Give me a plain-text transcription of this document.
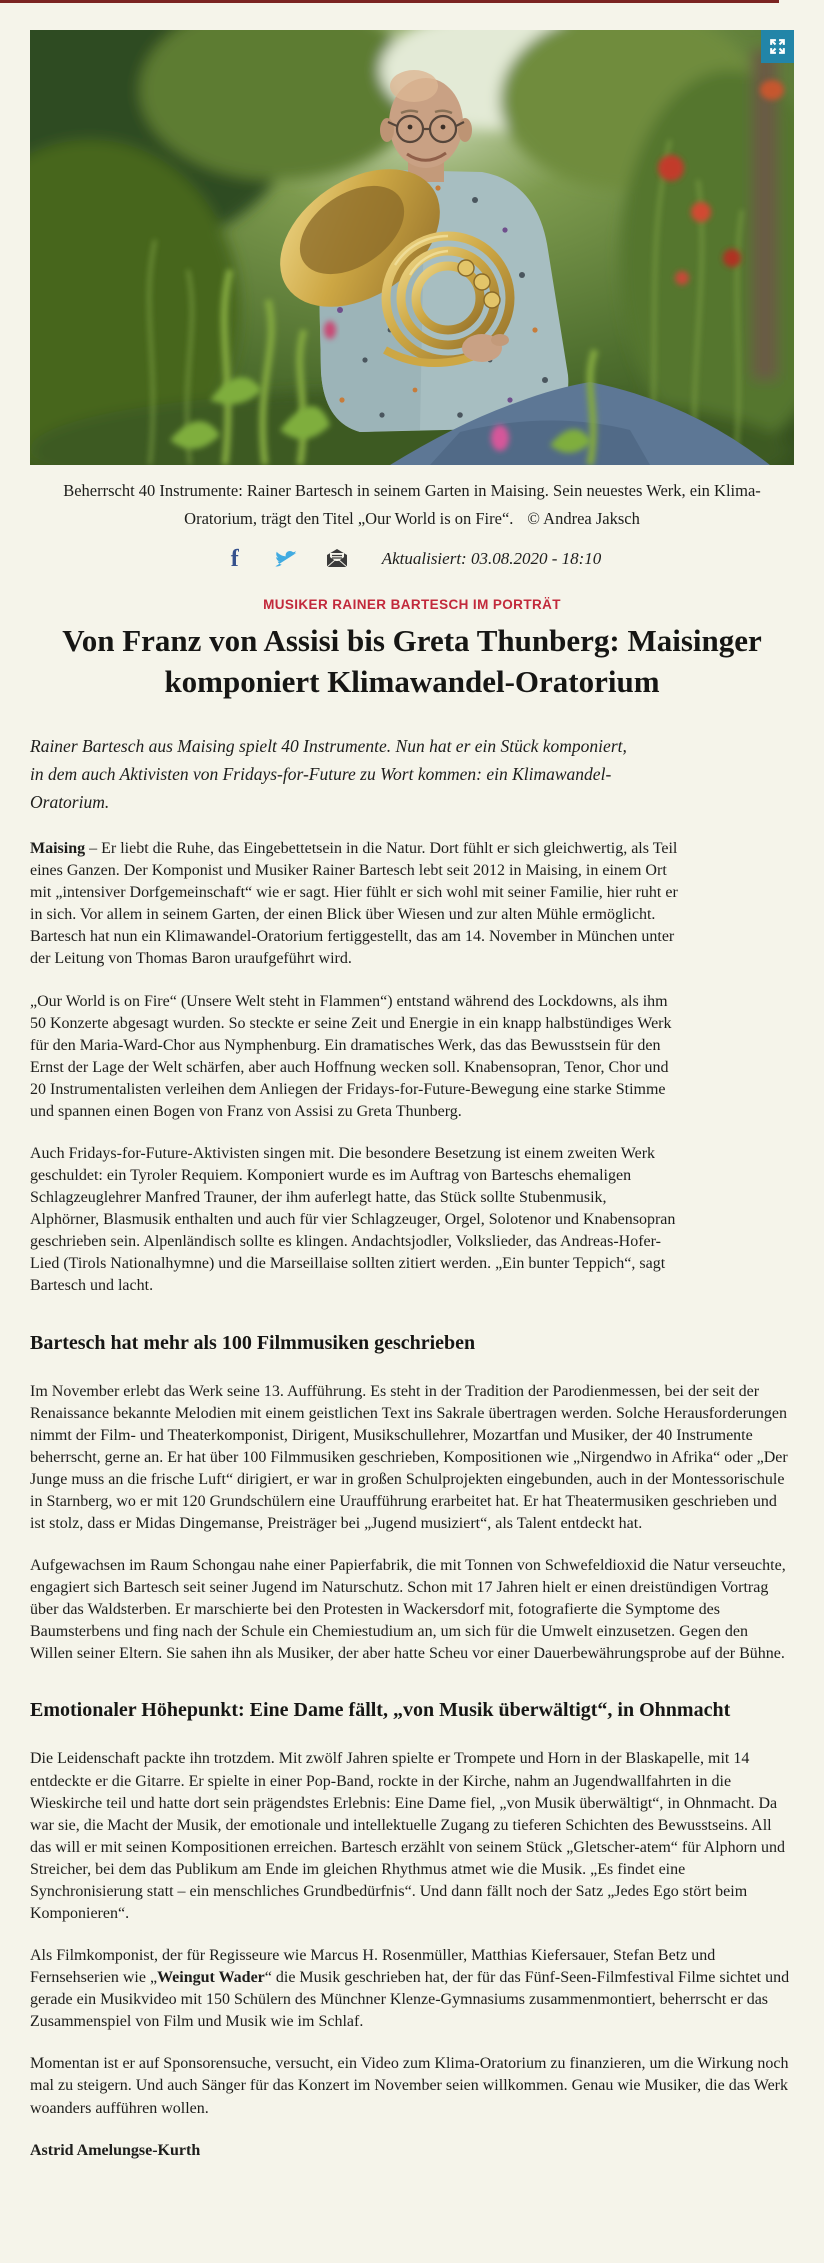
Beherrscht 40 Instrumente: Rainer Bartesch in seinem Garten in Maising. Sein neuestes Werk, ein Klima-Oratorium, trägt den Titel „Our World is on Fire“. © Andrea Jaksch
f	Aktualisiert: 03.08.2020 - 18:10
MUSIKER RAINER BARTESCH IM PORTRÄT
Von Franz von Assisi bis Greta Thunberg: Maisinger komponiert Klimawandel-Oratorium

Rainer Bartesch aus Maising spielt 40 Instrumente. Nun hat er ein Stück komponiert, in dem auch Aktivisten von Fridays-for-Future zu Wort kommen: ein Klimawandel-Oratorium.

Maising – Er liebt die Ruhe, das Eingebettetsein in die Natur. Dort fühlt er sich gleichwertig, als Teil eines Ganzen. Der Komponist und Musiker Rainer Bartesch lebt seit 2012 in Maising, in einem Ort mit „intensiver Dorfgemeinschaft“ wie er sagt. Hier fühlt er sich wohl mit seiner Familie, hier ruht er in sich. Vor allem in seinem Garten, der einen Blick über Wiesen und zur alten Mühle ermöglicht. Bartesch hat nun ein Klimawandel-Oratorium fertiggestellt, das am 14. November in München unter der Leitung von Thomas Baron uraufgeführt wird.

„Our World is on Fire“ (Unsere Welt steht in Flammen“) entstand während des Lockdowns, als ihm 50 Konzerte abgesagt wurden. So steckte er seine Zeit und Energie in ein knapp halbstündiges Werk für den Maria-Ward-Chor aus Nymphenburg. Ein dramatisches Werk, das das Bewusstsein für den Ernst der Lage der Welt schärfen, aber auch Hoffnung wecken soll. Knabensopran, Tenor, Chor und 20 Instrumentalisten verleihen dem Anliegen der Fridays-for-Future-Bewegung eine starke Stimme und spannen einen Bogen von Franz von Assisi zu Greta Thunberg.

Auch Fridays-for-Future-Aktivisten singen mit. Die besondere Besetzung ist einem zweiten Werk geschuldet: ein Tyroler Requiem. Komponiert wurde es im Auftrag von Barteschs ehemaligen Schlagzeuglehrer Manfred Trauner, der ihm auferlegt hatte, das Stück sollte Stubenmusik, Alphörner, Blasmusik enthalten und auch für vier Schlagzeuger, Orgel, Solotenor und Knabensopran geschrieben sein. Alpenländisch sollte es klingen. Andachtsjodler, Volkslieder, das Andreas-Hofer-Lied (Tirols Nationalhymne) und die Marseillaise sollten zitiert werden. „Ein bunter Teppich“, sagt Bartesch und lacht.

Bartesch hat mehr als 100 Filmmusiken geschrieben

Im November erlebt das Werk seine 13. Aufführung. Es steht in der Tradition der Parodienmessen, bei der seit der Renaissance bekannte Melodien mit einem geistlichen Text ins Sakrale übertragen werden. Solche Herausforderungen nimmt der Film- und Theaterkomponist, Dirigent, Musikschullehrer, Mozartfan und Musiker, der 40 Instrumente beherrscht, gerne an. Er hat über 100 Filmmusiken geschrieben, Kompositionen wie „Nirgendwo in Afrika“ oder „Der Junge muss an die frische Luft“ dirigiert, er war in großen Schulprojekten eingebunden, auch in der Montessorischule in Starnberg, wo er mit 120 Grundschülern eine Uraufführung erarbeitet hat. Er hat Theatermusiken geschrieben und ist stolz, dass er Midas Dingemanse, Preisträger bei „Jugend musiziert“, als Talent entdeckt hat.

Aufgewachsen im Raum Schongau nahe einer Papierfabrik, die mit Tonnen von Schwefeldioxid die Natur verseuchte, engagiert sich Bartesch seit seiner Jugend im Naturschutz. Schon mit 17 Jahren hielt er einen dreistündigen Vortrag über das Waldsterben. Er marschierte bei den Protesten in Wackersdorf mit, fotografierte die Symptome des Baumsterbens und fing nach der Schule ein Chemiestudium an, um sich für die Umwelt einzusetzen. Gegen den Willen seiner Eltern. Sie sahen ihn als Musiker, der aber hatte Scheu vor einer Dauerbewährungsprobe auf der Bühne.

Emotionaler Höhepunkt: Eine Dame fällt, „von Musik überwältigt“, in Ohnmacht

Die Leidenschaft packte ihn trotzdem. Mit zwölf Jahren spielte er Trompete und Horn in der Blaskapelle, mit 14 entdeckte er die Gitarre. Er spielte in einer Pop-Band, rockte in der Kirche, nahm an Jugendwallfahrten in die Wieskirche teil und hatte dort sein prägendstes Erlebnis: Eine Dame fiel, „von Musik überwältigt“, in Ohnmacht. Da war sie, die Macht der Musik, der emotionale und intellektuelle Zugang zu tieferen Schichten des Bewusstseins. All das will er mit seinen Kompositionen erreichen. Bartesch erzählt von seinem Stück „Gletscher-atem“ für Alphorn und Streicher, bei dem das Publikum am Ende im gleichen Rhythmus atmet wie die Musik. „Es findet eine Synchronisierung statt – ein menschliches Grundbedürfnis“. Und dann fällt noch der Satz „Jedes Ego stört beim Komponieren“.

Als Filmkomponist, der für Regisseure wie Marcus H. Rosenmüller, Matthias Kiefersauer, Stefan Betz und Fernsehserien wie „Weingut Wader“ die Musik geschrieben hat, der für das Fünf-Seen-Filmfestival Filme sichtet und gerade ein Musikvideo mit 150 Schülern des Münchner Klenze-Gymnasiums zusammenmontiert, beherrscht er das Zusammenspiel von Film und Musik wie im Schlaf.

Momentan ist er auf Sponsorensuche, versucht, ein Video zum Klima-Oratorium zu finanzieren, um die Wirkung noch mal zu steigern. Und auch Sänger für das Konzert im November seien willkommen. Genau wie Musiker, die das Werk woanders aufführen wollen.

Astrid Amelungse-Kurth
